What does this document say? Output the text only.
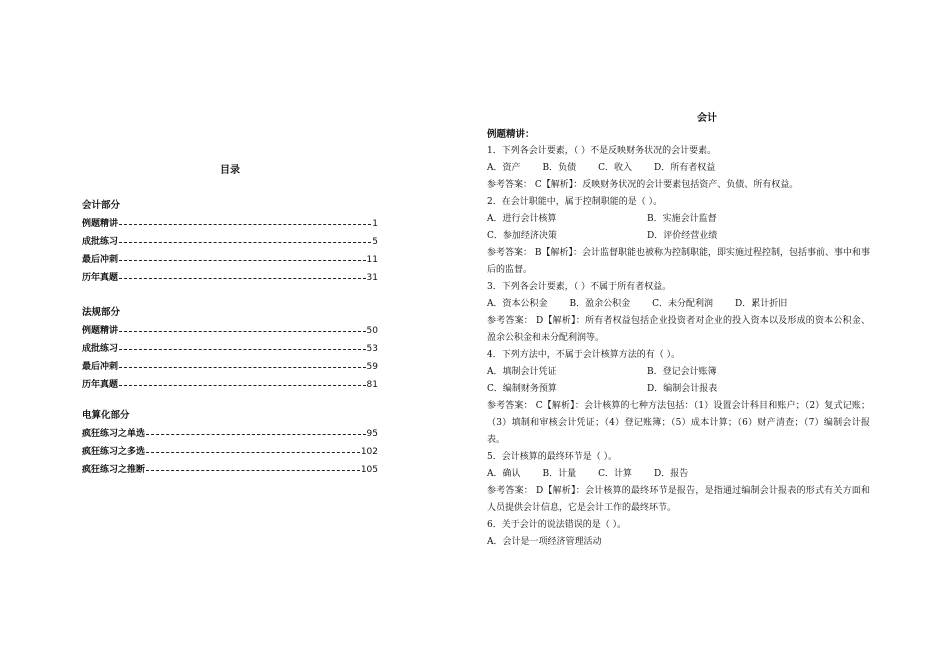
目录
会计部分
例题精讲	1
成批练习	5
最后冲刺	11
历年真题	31
法规部分
例题精讲	50
成批练习	53
最后冲刺	59
历年真题	81
电算化部分
疯狂练习之单选	95
疯狂练习之多选	102
疯狂练习之推断	105
会计

例题精讲：

1．下列各会计要素，（ ）不是反映财务状况的会计要素。

A．资产 B．负债 C．收入 D．所有者权益

参考答案： C【解析】：反映财务状况的会计要素包括资产、负债、所有权益。

2．在会计职能中，属于控制职能的是（ ）。

A．进行会计核算	B．实施会计监督
C．参加经济决策	D．评价经营业绩

参考答案： B【解析】：会计监督职能也被称为控制职能，即实施过程控制，包括事前、事中和事后的监督。

3．下列各会计要素，（ ）不属于所有者权益。

A．资本公积金 B．盈余公积金 C．未分配利润 D．累计折旧

参考答案： D【解析】：所有者权益包括企业投资者对企业的投入资本以及形成的资本公积金、盈余公积金和未分配利润等。

4．下列方法中，不属于会计核算方法的有（ ）。

A．填制会计凭证	B．登记会计账簿
C．编制财务预算	D．编制会计报表

参考答案： C【解析】：会计核算的七种方法包括：（1）设置会计科目和账户；（2）复式记账；（3）填制和审核会计凭证；（4）登记账簿；（5）成本计算；（6）财产清查；（7）编制会计报表。

5．会计核算的最终环节是（ ）。

A．确认 B．计量 C．计算 D．报告

参考答案： D【解析】：会计核算的最终环节是报告，是指通过编制会计报表的形式有关方面和人员提供会计信息，它是会计工作的最终环节。

6．关于会计的说法错误的是（ ）。

A．会计是一项经济管理活动
